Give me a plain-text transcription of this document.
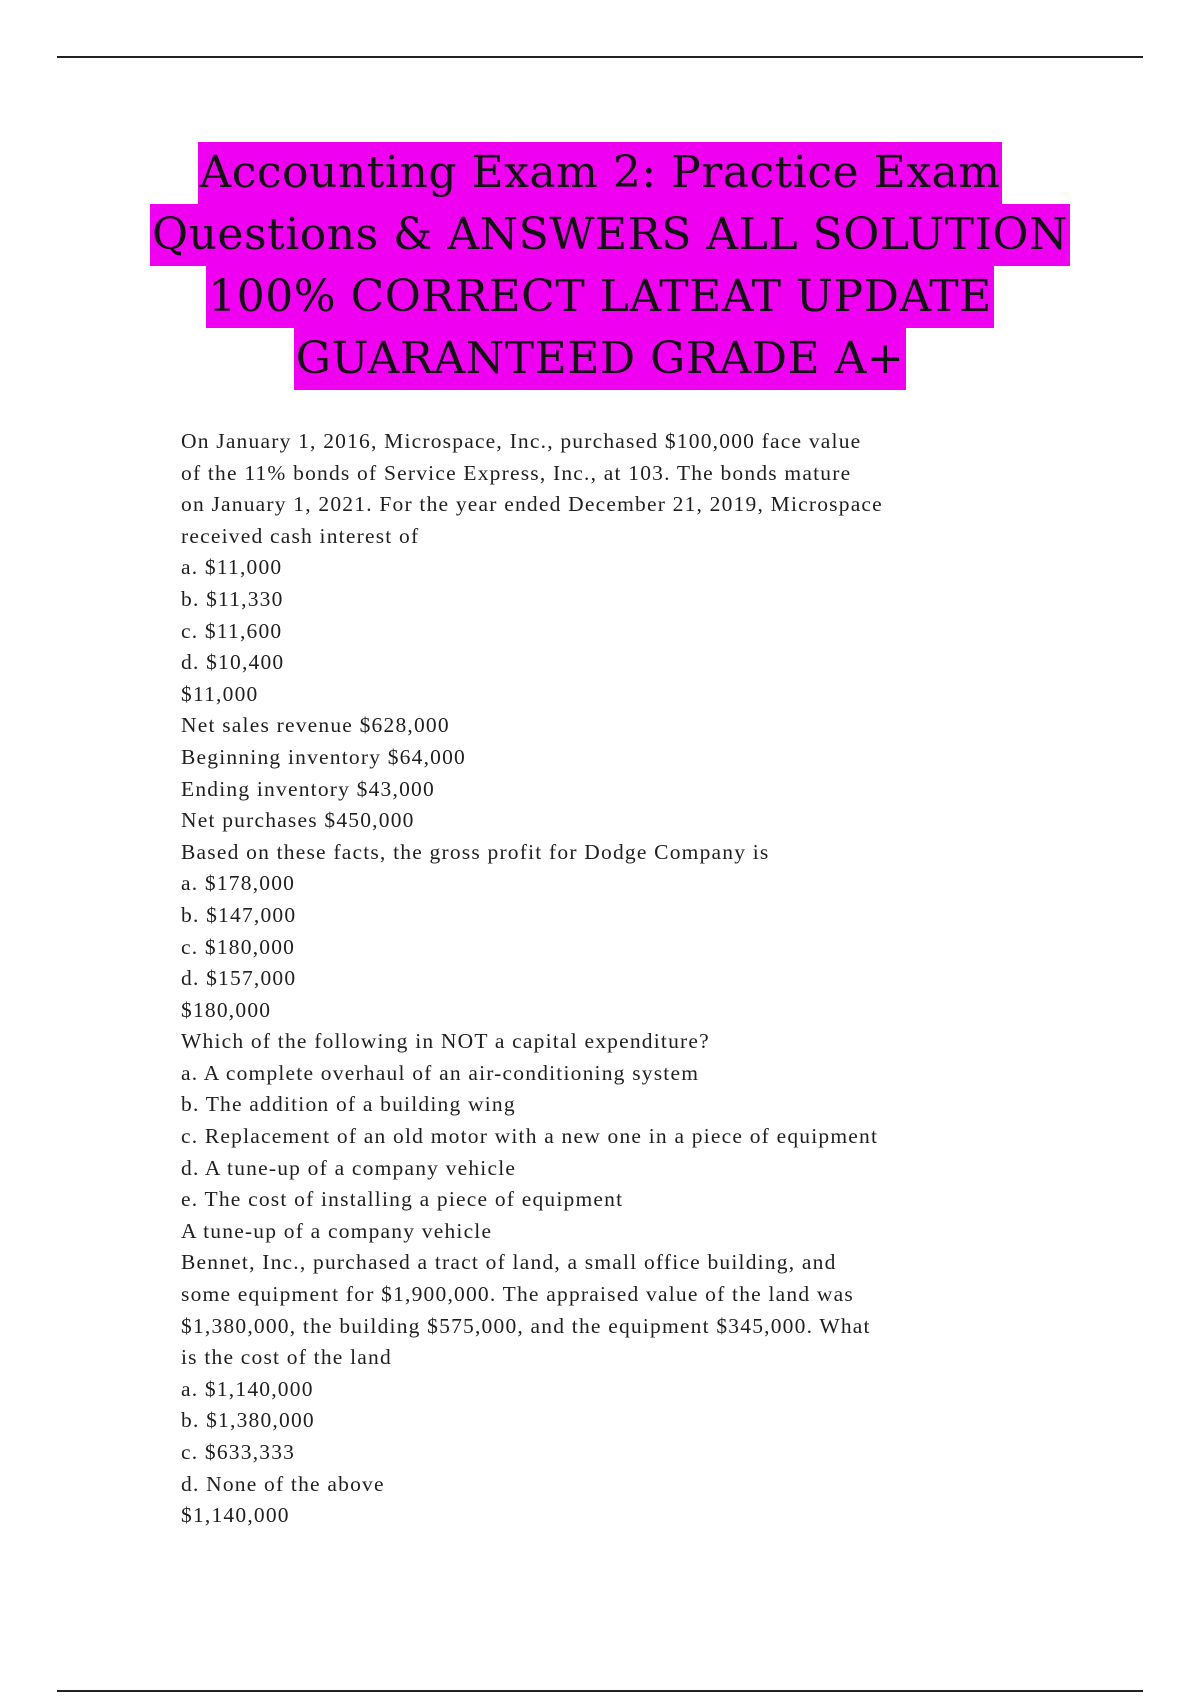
Accounting Exam 2: Practice Exam
Questions & ANSWERS ALL SOLUTION
100% CORRECT LATEAT UPDATE
GUARANTEED GRADE A+
On January 1, 2016, Microspace, Inc., purchased $100,000 face value
of the 11% bonds of Service Express, Inc., at 103. The bonds mature
on January 1, 2021. For the year ended December 21, 2019, Microspace
received cash interest of
a. $11,000
b. $11,330
c. $11,600
d. $10,400
$11,000
Net sales revenue $628,000
Beginning inventory $64,000
Ending inventory $43,000
Net purchases $450,000
Based on these facts, the gross profit for Dodge Company is
a. $178,000
b. $147,000
c. $180,000
d. $157,000
$180,000
Which of the following in NOT a capital expenditure?
a. A complete overhaul of an air-conditioning system
b. The addition of a building wing
c. Replacement of an old motor with a new one in a piece of equipment
d. A tune-up of a company vehicle
e. The cost of installing a piece of equipment
A tune-up of a company vehicle
Bennet, Inc., purchased a tract of land, a small office building, and
some equipment for $1,900,000. The appraised value of the land was
$1,380,000, the building $575,000, and the equipment $345,000. What
is the cost of the land
a. $1,140,000
b. $1,380,000
c. $633,333
d. None of the above
$1,140,000
